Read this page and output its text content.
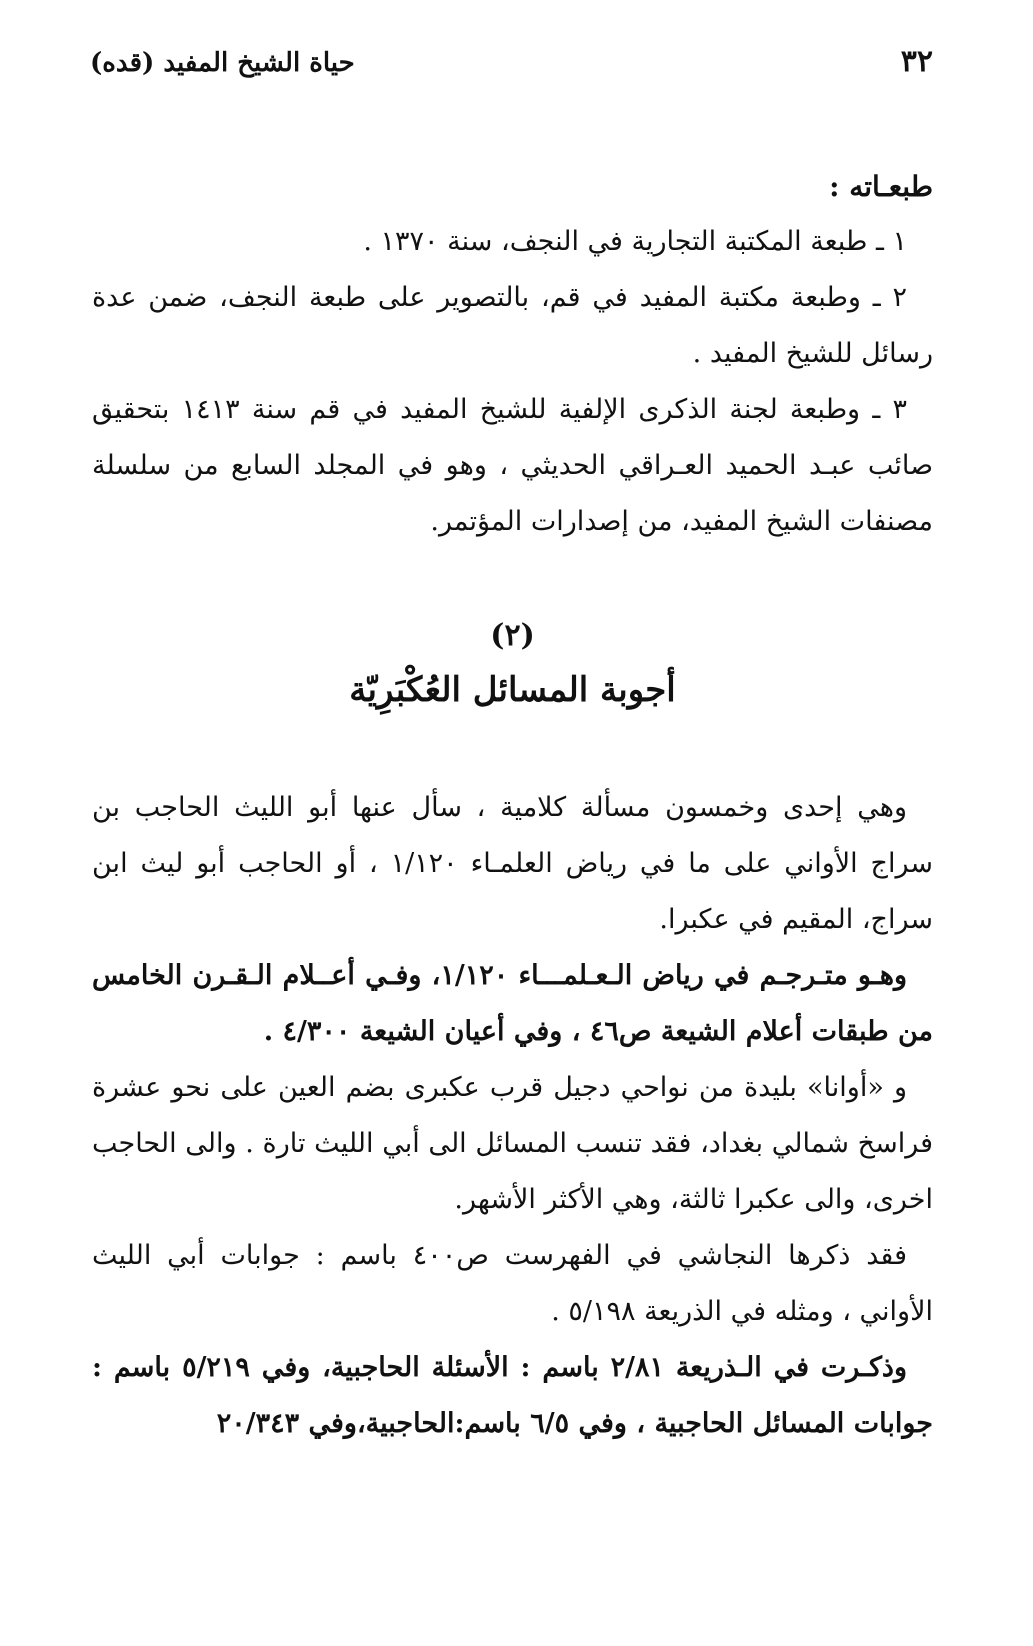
٣٢
حياة الشيخ المفيد (قده)

طبعـاته :

١ ـ طبعة المكتبة التجارية في النجف، سنة ١٣٧٠ .

٢ ـ وطبعة مكتبة المفيد في قم، بالتصوير على طبعة النجف، ضمن عدة رسائل للشيخ المفيد .

٣ ـ وطبعة لجنة الذكرى الإلفية للشيخ المفيد في قم سنة ١٤١٣ بتحقيق صائب عبـد الحميد العـراقي الحديثي ، وهو في المجلد السابع من سلسلة مصنفات الشيخ المفيد، من إصدارات المؤتمر.

(٢)
أجوبة المسائل العُكْبَرِيّة

وهي إحدى وخمسون مسألة كلامية ، سأل عنها أبو الليث الحاجب بن سراج الأواني على ما في رياض العلمـاء ١/١٢٠ ، أو الحاجب أبو ليث ابن سراج، المقيم في عكبرا.

وهـو متـرجـم في رياض الـعـلمـــاء ١/١٢٠، وفـي أعــلام الـقـرن الخامس من طبقات أعلام الشيعة ص٤٦ ، وفي أعيان الشيعة ٤/٣٠٠ .

و «أوانا» بليدة من نواحي دجيل قرب عكبرى بضم العين على نحو عشرة فراسخ شمالي بغداد، فقد تنسب المسائل الى أبي الليث تارة . والى الحاجب اخرى، والى عكبرا ثالثة، وهي الأكثر الأشهر.

فقد ذكرها النجاشي في الفهرست ص٤٠٠ باسم : جوابات أبي الليث الأواني ، ومثله في الذريعة ٥/١٩٨ .

وذكـرت في الـذريعة ٢/٨١ باسم : الأسئلة الحاجبية، وفي ٥/٢١٩ باسم : جوابات المسائل الحاجبية ، وفي ٦/٥ باسم:الحاجبية،وفي ٢٠/٣٤٣
